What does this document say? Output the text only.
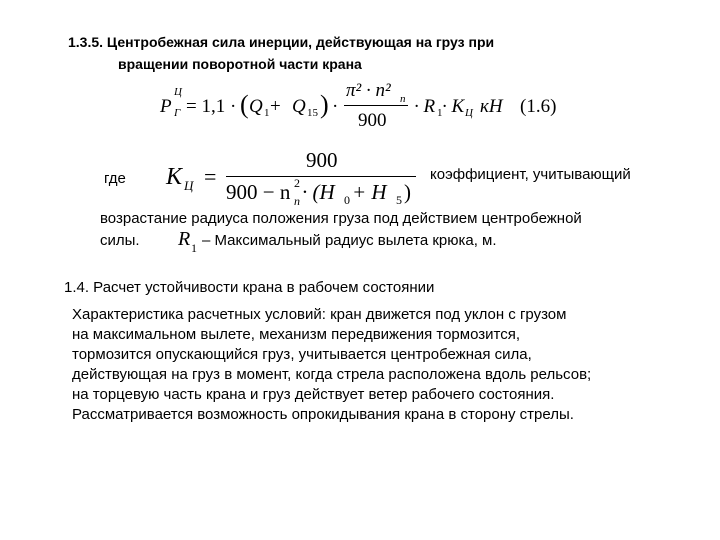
1.3.5. Центробежная сила инерции, действующая на груз при
вращении поворотной части крана
P
Ц
Г = 1,1 · ( Q 1 + Q 15 ) ·
π² · n² п
900
· R 1 · K Ц кН (1.6)
где K Ц =
900
900 − n п
2 · (H 0 + H 5 )
коэффициент, учитывающий
возрастание радиуса положения груза под действием центробежной
силы. R 1 – Максимальный радиус вылета крюка, м.
1.4. Расчет устойчивости крана в рабочем состоянии
Характеристика расчетных условий: кран движется под уклон с грузом
на максимальном вылете, механизм передвижения тормозится,
тормозится опускающийся груз, учитывается центробежная сила,
действующая на груз в момент, когда стрела расположена вдоль рельсов;
на торцевую часть крана и груз действует ветер рабочего состояния.
Рассматривается возможность опрокидывания крана в сторону стрелы.
